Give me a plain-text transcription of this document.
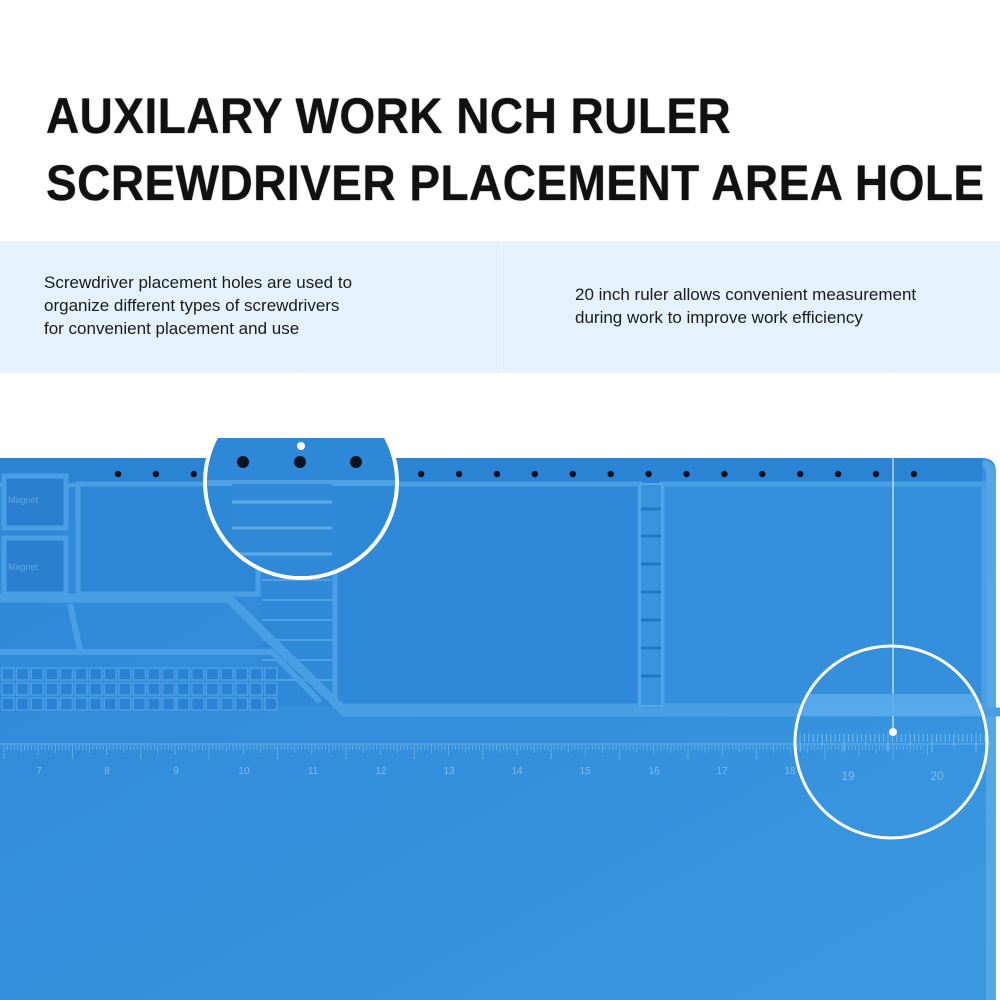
AUXILARY WORK NCH RULER
SCREWDRIVER PLACEMENT AREA HOLE

Screwdriver placement holes are used to
organize different types of screwdrivers
for convenient placement and use

20 inch ruler allows convenient measurement
during work to improve work efficiency

Magnet
Magnet
7	8	9	10	11	12	13	14	15	16	17	18	19	20
